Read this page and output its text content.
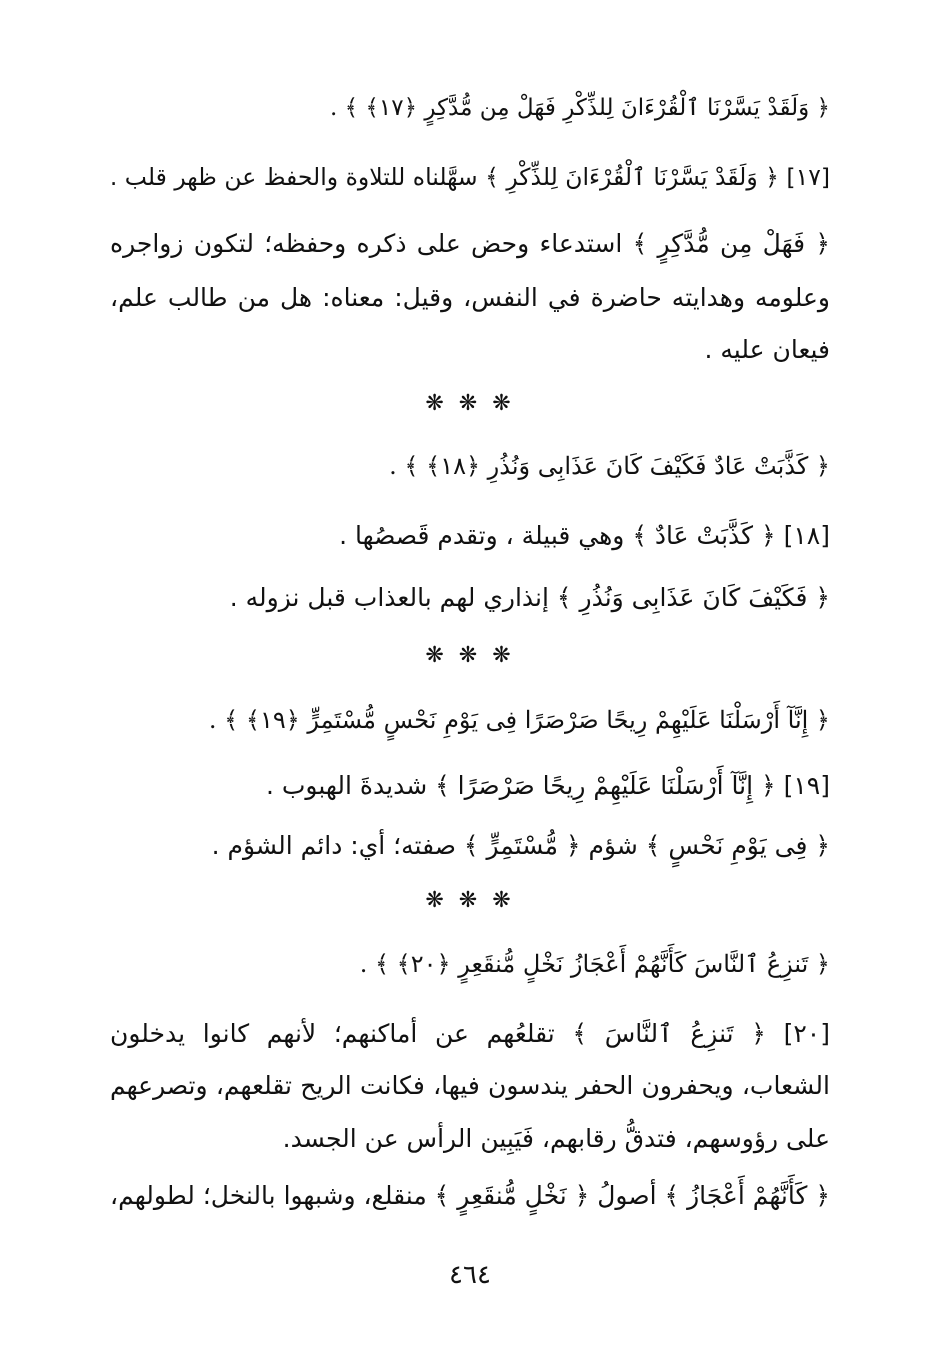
﴿ وَلَقَدْ يَسَّرْنَا ٱلْقُرْءَانَ لِلذِّكْرِ فَهَلْ مِن مُّدَّكِرٍ ﴿١٧﴾ ﴾ .
[١٧] ﴿ وَلَقَدْ يَسَّرْنَا ٱلْقُرْءَانَ لِلذِّكْرِ ﴾ سهَّلناه للتلاوة والحفظ عن ظهر قلب .
﴿ فَهَلْ مِن مُّدَّكِرٍ ﴾ استدعاء وحض على ذكره وحفظه؛ لتكون زواجره
وعلومه وهدايته حاضرة في النفس، وقيل: معناه: هل من طالب علم،
فيعان عليه .
❋ ❋ ❋
﴿ كَذَّبَتْ عَادٌ فَكَيْفَ كَانَ عَذَابِى وَنُذُرِ ﴿١٨﴾ ﴾ .
[١٨] ﴿ كَذَّبَتْ عَادٌ ﴾ وهي قبيلة ، وتقدم قَصصُها .
﴿ فَكَيْفَ كَانَ عَذَابِى وَنُذُرِ ﴾ إنذاري لهم بالعذاب قبل نزوله .
❋ ❋ ❋
﴿ إِنَّآ أَرْسَلْنَا عَلَيْهِمْ رِيحًا صَرْصَرًا فِى يَوْمِ نَحْسٍ مُّسْتَمِرٍّ ﴿١٩﴾ ﴾ .
[١٩] ﴿ إِنَّآ أَرْسَلْنَا عَلَيْهِمْ رِيحًا صَرْصَرًا ﴾ شديدةَ الهبوب .
﴿ فِى يَوْمِ نَحْسٍ ﴾ شؤم ﴿ مُّسْتَمِرٍّ ﴾ صفته؛ أي: دائم الشؤم .
❋ ❋ ❋
﴿ تَنزِعُ ٱلنَّاسَ كَأَنَّهُمْ أَعْجَازُ نَخْلٍ مُّنقَعِرٍ ﴿٢٠﴾ ﴾ .
[٢٠] ﴿ تَنزِعُ ٱلنَّاسَ ﴾ تقلعُهم عن أماكنهم؛ لأنهم كانوا يدخلون
الشعاب، ويحفرون الحفر يندسون فيها، فكانت الريح تقلعهم، وتصرعهم
على رؤوسهم، فتدقُّ رقابهم، فَيَبِين الرأس عن الجسد.
﴿ كَأَنَّهُمْ أَعْجَازُ ﴾ أصولُ ﴿ نَخْلٍ مُّنقَعِرٍ ﴾ منقلع، وشبهوا بالنخل؛ لطولهم،
٤٦٤
